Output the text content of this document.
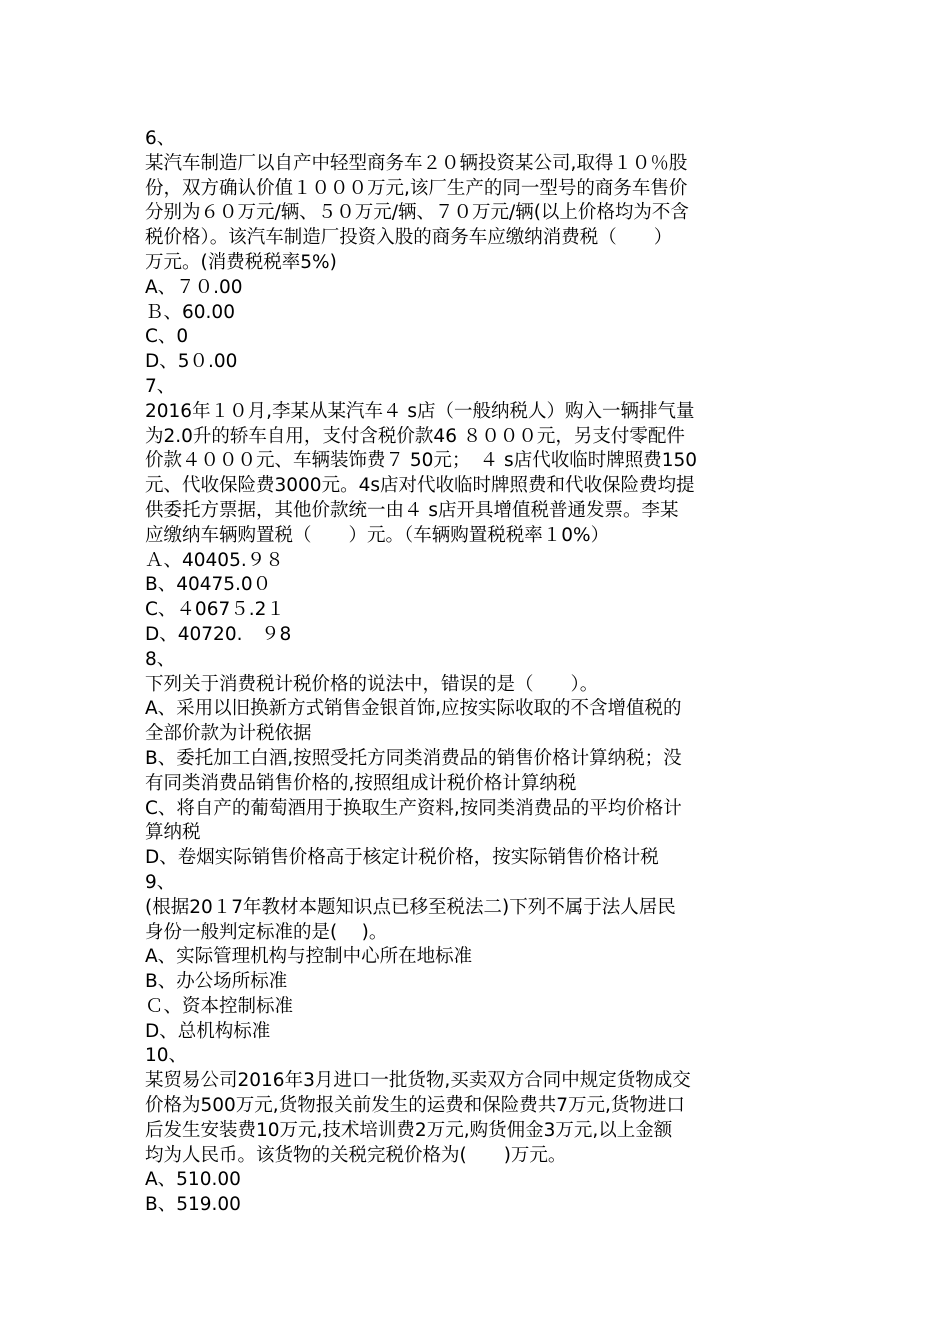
6、
某汽车制造厂以自产中轻型商务车２０辆投资某公司,取得１０％股
份，双方确认价值１０００万元,该厂生产的同一型号的商务车售价
分别为６０万元/辆、５０万元/辆、７０万元/辆(以上价格均为不含
税价格）。该汽车制造厂投资入股的商务车应缴纳消费税（　　）
万元。(消费税税率5%)
A、７０.00
Ｂ、60.00
C、0
D、5０.00
7、
2016年１０月,李某从某汽车４ s店（一般纳税人）购入一辆排气量
为2.0升的轿车自用，支付含税价款46 ８０００元，另支付零配件
价款４０００元、车辆装饰费７ 50元；　４ s店代收临时牌照费150
元、代收保险费3000元。4s店对代收临时牌照费和代收保险费均提
供委托方票据，其他价款统一由４ s店开具增值税普通发票。李某
应缴纳车辆购置税（　　）元。（车辆购置税税率１0%）
Ａ、40405.９８
B、40475.0０
C、４067５.2１
D、40720.　９8
8、
下列关于消费税计税价格的说法中，错误的是（　　）。
A、采用以旧换新方式销售金银首饰,应按实际收取的不含增值税的
全部价款为计税依据
B、委托加工白酒,按照受托方同类消费品的销售价格计算纳税；没
有同类消费品销售价格的,按照组成计税价格计算纳税
C、将自产的葡萄酒用于换取生产资料,按同类消费品的平均价格计
算纳税
D、卷烟实际销售价格高于核定计税价格，按实际销售价格计税
9、
(根据20１7年教材本题知识点已移至税法二)下列不属于法人居民
身份一般判定标准的是(　 )。
A、实际管理机构与控制中心所在地标准
B、办公场所标准
Ｃ、资本控制标准
D、总机构标准
10、
某贸易公司2016年3月进口一批货物,买卖双方合同中规定货物成交
价格为500万元,货物报关前发生的运费和保险费共7万元,货物进口
后发生安装费10万元,技术培训费2万元,购货佣金3万元,以上金额
均为人民币。该货物的关税完税价格为(　　)万元。
A、510.00
B、519.00
